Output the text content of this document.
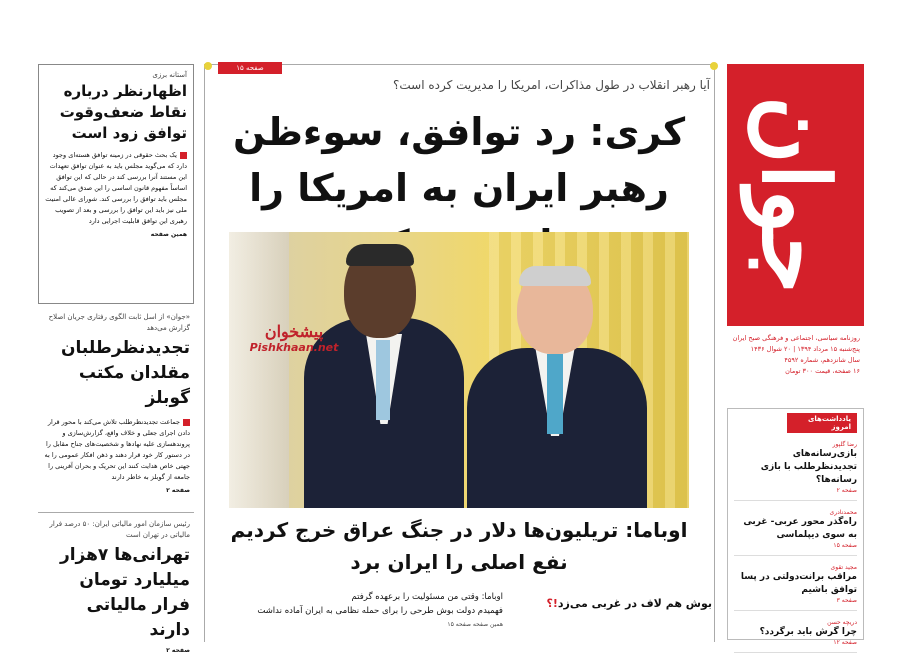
جوان
روزنامه سیاسی، اجتماعی و فرهنگی صبح ایران
پنج‌شنبه ۱۵ مرداد ۱۳۹۴ | ۲۰ شوال ۱۴۳۶
سال شانزدهم، شماره ۴۵۹۲
۱۶ صفحه، قیمت ۳۰۰ تومان
یادداشت‌های امروز
رضا گلپور
بازی‌رسانه‌های تجدیدنظرطلب با بازی رسانه‌ها؟
صفحه ۲
محمدنادری
راه‌گذر محور عربی- غربی به سوی دیپلماسی
صفحه ۱۵
مجید تقوی
مراقب برانت‌دولتی در پسا توافق باشیم
صفحه ۳
دریچه حسن
چرا گرش باید برگردد؟
صفحه ۱۲
صفحه ۱۵
آیا رهبر انقلاب در طول مذاکرات، امریکا را مدیریت کرده است؟
کری: رد توافق، سوءظن
رهبر ایران به امریکا را
پیشخوان
Pishkhaan.net
اوباما: تریلیون‌ها دلار در جنگ عراق خرج کردیم
نفع اصلی را ایران برد
بوش هم لاف در غربی می‌زد!؟
اوباما: وقتی من مسئولیت را برعهده گرفتم
فهمیدم دولت بوش طرحی را برای حمله نظامی به ایران آماده نداشت
همین صفحه صفحه ۱۵
آستانه برزی
اظهارنظر درباره نقاط ضعف‌وقوت توافق زود است
یک بحث حقوقی در زمینه توافق هسته‌ای وجود دارد که می‌گوید مجلس باید به عنوان توافق تعهدات این مستند آنرا بررسی کند در حالی که این توافق اساساً مفهوم قانون اساسی را این صدق می‌کند که مجلس باید توافق را بررسی کند. شورای عالی امنیت ملی نیز باید این توافق را بررسی و بعد از تصویب رهبری این توافق قابلیت اجرایی دارد
همین صفحه
«جوان» از اسل ثابت الگوی رفتاری جریان اصلاح گزارش می‌دهد
تجدیدنظرطلبان مقلدان مکتب گوبلز
جماعت تجدیدنظرطلب تلاش می‌کند با محور قرار دادن اجرای جعلی و خلاف واقع، گزارش‌سازی و پروندهسازی علیه نهادها و شخصیت‌های جناح مقابل را در دستور کار خود قرار دهند و ذهن افکار عمومی را به جهتی خاص هدایت کنند این تحریک و بحران آفرینی را جامعه از گوبلز به خاطر دارند
صفحه ۲
رئیس سازمان امور مالیاتی ایران: ۵۰ درصد فرار مالیاتی در تهران است
تهرانی‌ها ۷هزار میلیارد تومان فرار مالیاتی دارند
صفحه ۲
